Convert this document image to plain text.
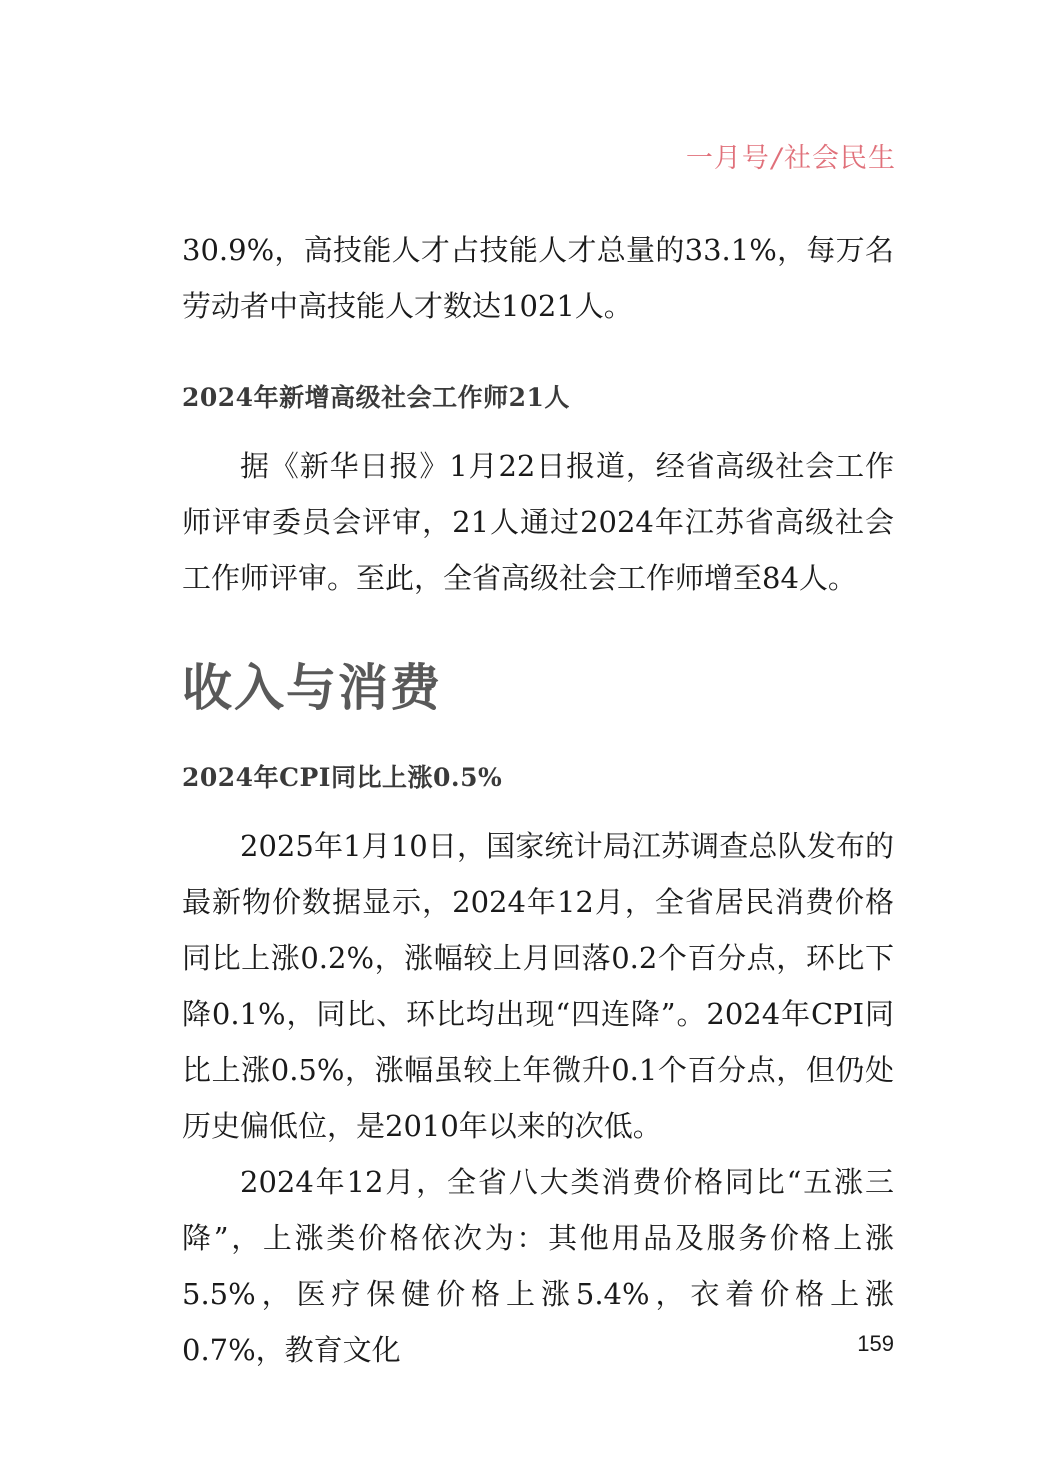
一月号/社会民生

30.9%，高技能人才占技能人才总量的33.1%，每万名劳动者中高技能人才数达1021人。

2024年新增高级社会工作师21人

据《新华日报》1月22日报道，经省高级社会工作师评审委员会评审，21人通过2024年江苏省高级社会工作师评审。至此，全省高级社会工作师增至84人。

收入与消费

2024年CPI同比上涨0.5%

2025年1月10日，国家统计局江苏调查总队发布的最新物价数据显示，2024年12月，全省居民消费价格同比上涨0.2%，涨幅较上月回落0.2个百分点，环比下降0.1%，同比、环比均出现“四连降”。2024年CPI同比上涨0.5%，涨幅虽较上年微升0.1个百分点，但仍处历史偏低位，是2010年以来的次低。

2024年12月，全省八大类消费价格同比“五涨三降”，上涨类价格依次为：其他用品及服务价格上涨5.5%，医疗保健价格上涨5.4%，衣着价格上涨0.7%，教育文化	159
